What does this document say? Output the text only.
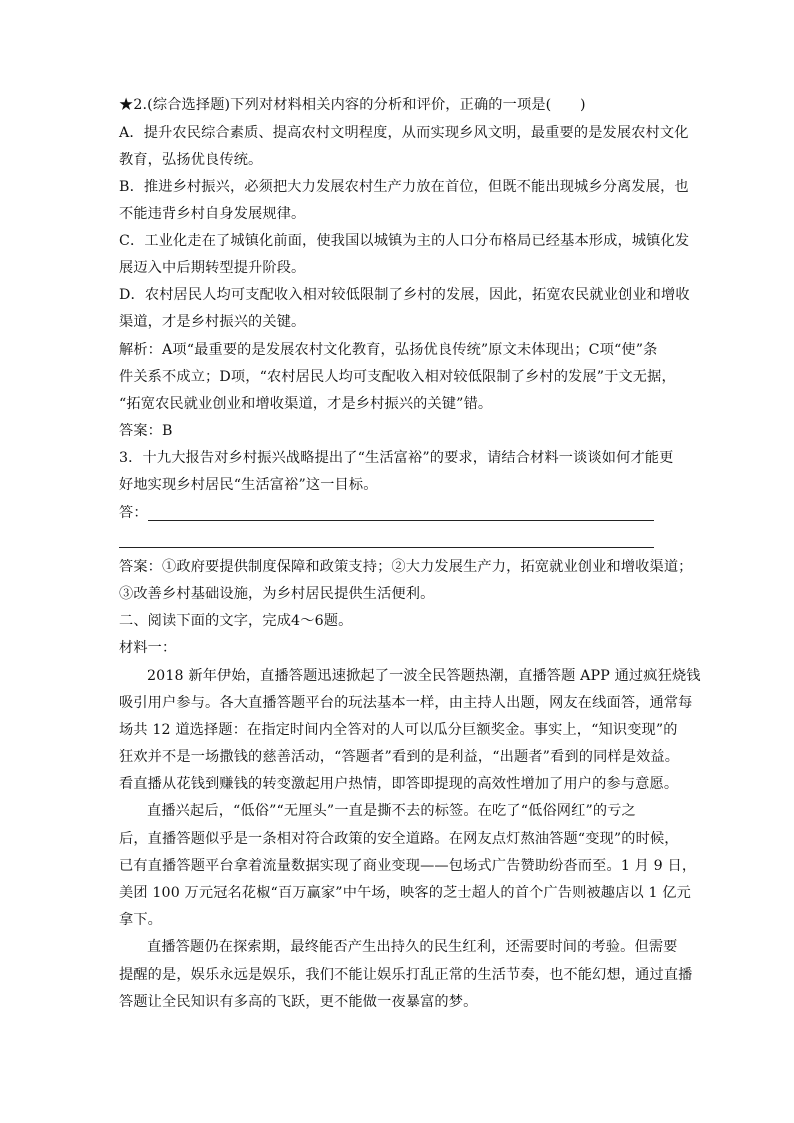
★2.(综合选择题)下列对材料相关内容的分析和评价，正确的一项是(　　)
A．提升农民综合素质、提高农村文明程度，从而实现乡风文明，最重要的是发展农村文化
教育，弘扬优良传统。
B．推进乡村振兴，必须把大力发展农村生产力放在首位，但既不能出现城乡分离发展，也
不能违背乡村自身发展规律。
C．工业化走在了城镇化前面，使我国以城镇为主的人口分布格局已经基本形成，城镇化发
展迈入中后期转型提升阶段。
D．农村居民人均可支配收入相对较低限制了乡村的发展，因此，拓宽农民就业创业和增收
渠道，才是乡村振兴的关键。
解析：A项“最重要的是发展农村文化教育，弘扬优良传统”原文未体现出；C项“使”条
件关系不成立；D项，“农村居民人均可支配收入相对较低限制了乡村的发展”于文无据，
“拓宽农民就业创业和增收渠道，才是乡村振兴的关键”错。
答案：B
3．十九大报告对乡村振兴战略提出了“生活富裕”的要求，请结合材料一谈谈如何才能更
好地实现乡村居民“生活富裕”这一目标。
答：
答案：①政府要提供制度保障和政策支持；②大力发展生产力，拓宽就业创业和增收渠道；
③改善乡村基础设施，为乡村居民提供生活便利。
二、阅读下面的文字，完成4～6题。
材料一：
2018 新年伊始，直播答题迅速掀起了一波全民答题热潮，直播答题 APP 通过疯狂烧钱
吸引用户参与。各大直播答题平台的玩法基本一样，由主持人出题，网友在线面答，通常每
场共 12 道选择题：在指定时间内全答对的人可以瓜分巨额奖金。事实上，“知识变现”的
狂欢并不是一场撒钱的慈善活动，“答题者”看到的是利益，“出题者”看到的同样是效益。
看直播从花钱到赚钱的转变激起用户热情，即答即提现的高效性增加了用户的参与意愿。
直播兴起后，“低俗”“无厘头”一直是撕不去的标签。在吃了“低俗网红”的亏之
后，直播答题似乎是一条相对符合政策的安全道路。在网友点灯熬油答题“变现”的时候，
已有直播答题平台拿着流量数据实现了商业变现——包场式广告赞助纷沓而至。1 月 9 日，
美团 100 万元冠名花椒“百万赢家”中午场，映客的芝士超人的首个广告则被趣店以 1 亿元
拿下。
直播答题仍在探索期，最终能否产生出持久的民生红利，还需要时间的考验。但需要
提醒的是，娱乐永远是娱乐，我们不能让娱乐打乱正常的生活节奏，也不能幻想，通过直播
答题让全民知识有多高的飞跃，更不能做一夜暴富的梦。
